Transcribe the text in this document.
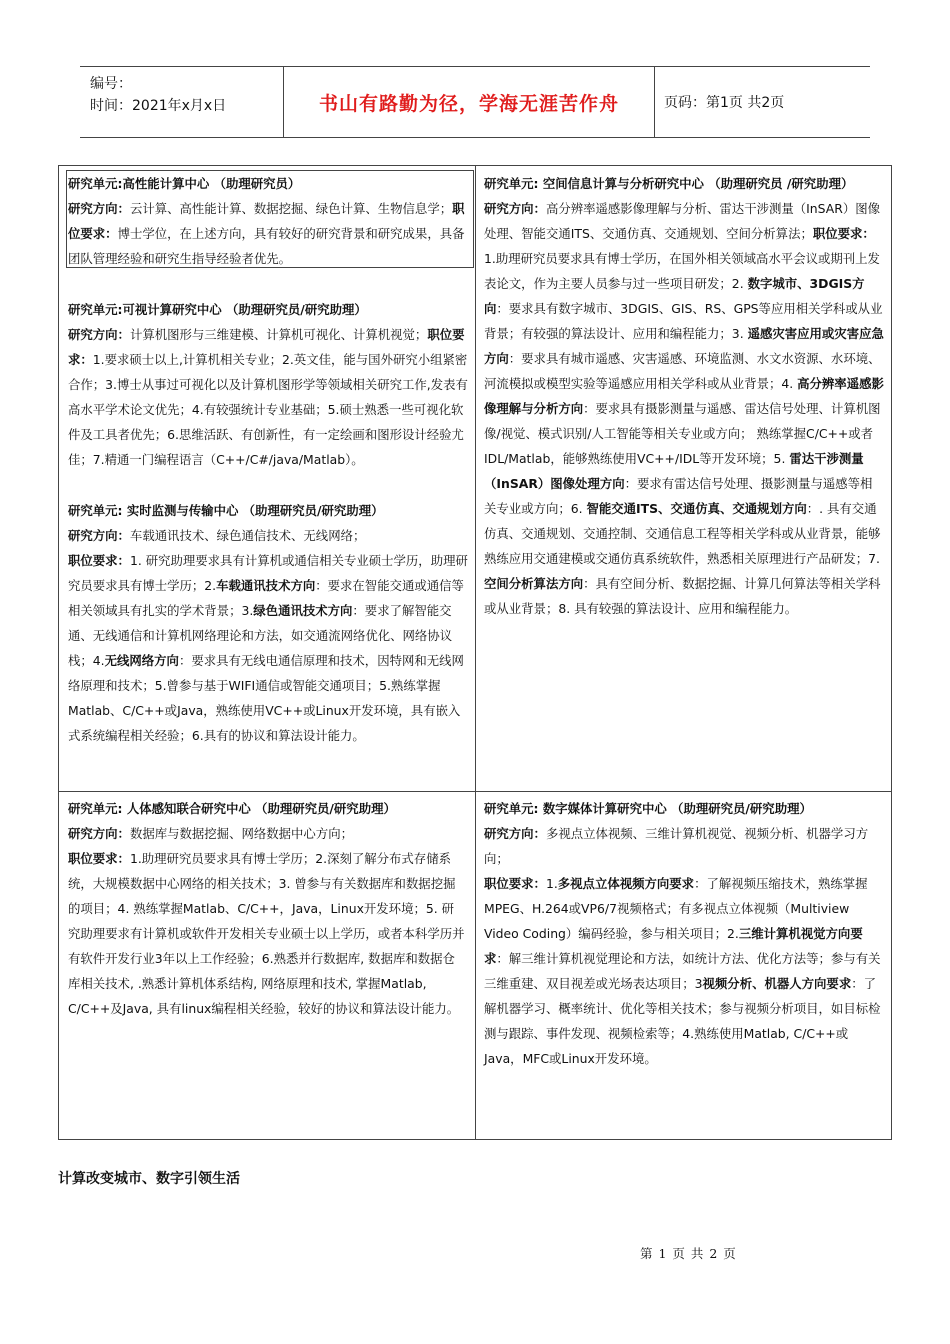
编号：
时间：2021年x月x日	书山有路勤为径，学海无涯苦作舟	页码：第1页 共2页

研究单元:高性能计算中心 （助理研究员）

研究方向：云计算、高性能计算、数据挖掘、绿色计算、生物信息学；职位要求：博士学位，在上述方向，具有较好的研究背景和研究成果，具备团队管理经验和研究生指导经验者优先。

研究单元:可视计算研究中心 （助理研究员/研究助理）

研究方向：计算机图形与三维建模、计算机可视化、计算机视觉；职位要求：1.要求硕士以上,计算机相关专业；2.英文佳，能与国外研究小组紧密合作；3.博士从事过可视化以及计算机图形学等领域相关研究工作,发表有高水平学术论文优先；4.有较强统计专业基础；5.硕士熟悉一些可视化软件及工具者优先；6.思维活跃、有创新性，有一定绘画和图形设计经验尤佳；7.精通一门编程语言（C++/C#/java/Matlab）。

研究单元: 实时监测与传输中心 （助理研究员/研究助理）

研究方向：车载通讯技术、绿色通信技术、无线网络；

职位要求：1. 研究助理要求具有计算机或通信相关专业硕士学历，助理研究员要求具有博士学历；2.车载通讯技术方向：要求在智能交通或通信等相关领域具有扎实的学术背景；3.绿色通讯技术方向：要求了解智能交通、无线通信和计算机网络理论和方法，如交通流网络优化、网络协议栈；4.无线网络方向：要求具有无线电通信原理和技术，因特网和无线网络原理和技术；5.曾参与基于WIFI通信或智能交通项目；5.熟练掌握Matlab、C/C++或Java，熟练使用VC++或Linux开发环境，具有嵌入式系统编程相关经验；6.具有的协议和算法设计能力。

研究单元: 空间信息计算与分析研究中心 （助理研究员 /研究助理）

研究方向：高分辨率遥感影像理解与分析、雷达干涉测量（InSAR）图像处理、智能交通ITS、交通仿真、交通规划、空间分析算法；职位要求：1.助理研究员要求具有博士学历，在国外相关领域高水平会议或期刊上发表论文，作为主要人员参与过一些项目研发；2. 数字城市、3DGIS方向：要求具有数字城市、3DGIS、GIS、RS、GPS等应用相关学科或从业背景；有较强的算法设计、应用和编程能力；3. 遥感灾害应用或灾害应急方向：要求具有城市遥感、灾害遥感、环境监测、水文水资源、水环境、河流模拟或模型实验等遥感应用相关学科或从业背景；4. 高分辨率遥感影像理解与分析方向：要求具有摄影测量与遥感、雷达信号处理、计算机图像/视觉、模式识别/人工智能等相关专业或方向； 熟练掌握C/C++或者IDL/Matlab，能够熟练使用VC++/IDL等开发环境；5. 雷达干涉测量（InSAR）图像处理方向：要求有雷达信号处理、摄影测量与遥感等相关专业或方向；6. 智能交通ITS、交通仿真、交通规划方向：. 具有交通仿真、交通规划、交通控制、交通信息工程等相关学科或从业背景，能够熟练应用交通建模或交通仿真系统软件，熟悉相关原理进行产品研发；7. 空间分析算法方向：具有空间分析、数据挖掘、计算几何算法等相关学科或从业背景；8. 具有较强的算法设计、应用和编程能力。

研究单元: 人体感知联合研究中心 （助理研究员/研究助理）

研究方向：数据库与数据挖掘、网络数据中心方向；

职位要求：1.助理研究员要求具有博士学历；2.深刻了解分布式存储系统，大规模数据中心网络的相关技术；3. 曾参与有关数据库和数据挖掘的项目；4. 熟练掌握Matlab、C/C++，Java，Linux开发环境；5. 研究助理要求有计算机或软件开发相关专业硕士以上学历，或者本科学历并有软件开发行业3年以上工作经验；6.熟悉并行数据库, 数据库和数据仓库相关技术, .熟悉计算机体系结构, 网络原理和技术, 掌握Matlab, C/C++及Java, 具有linux编程相关经验，较好的协议和算法设计能力。

研究单元: 数字媒体计算研究中心 （助理研究员/研究助理）

研究方向：多视点立体视频、三维计算机视觉、视频分析、机器学习方向；

职位要求：1.多视点立体视频方向要求：了解视频压缩技术，熟练掌握MPEG、H.264或VP6/7视频格式；有多视点立体视频（Multiview Video Coding）编码经验，参与相关项目；2.三维计算机视觉方向要求：解三维计算机视觉理论和方法，如统计方法、优化方法等；参与有关三维重建、双目视差或光场表达项目；3视频分析、机器人方向要求：了解机器学习、概率统计、优化等相关技术；参与视频分析项目，如目标检测与跟踪、事件发现、视频检索等；4.熟练使用Matlab, C/C++或Java，MFC或Linux开发环境。

计算改变城市、数字引领生活
第 1 页 共 2 页
